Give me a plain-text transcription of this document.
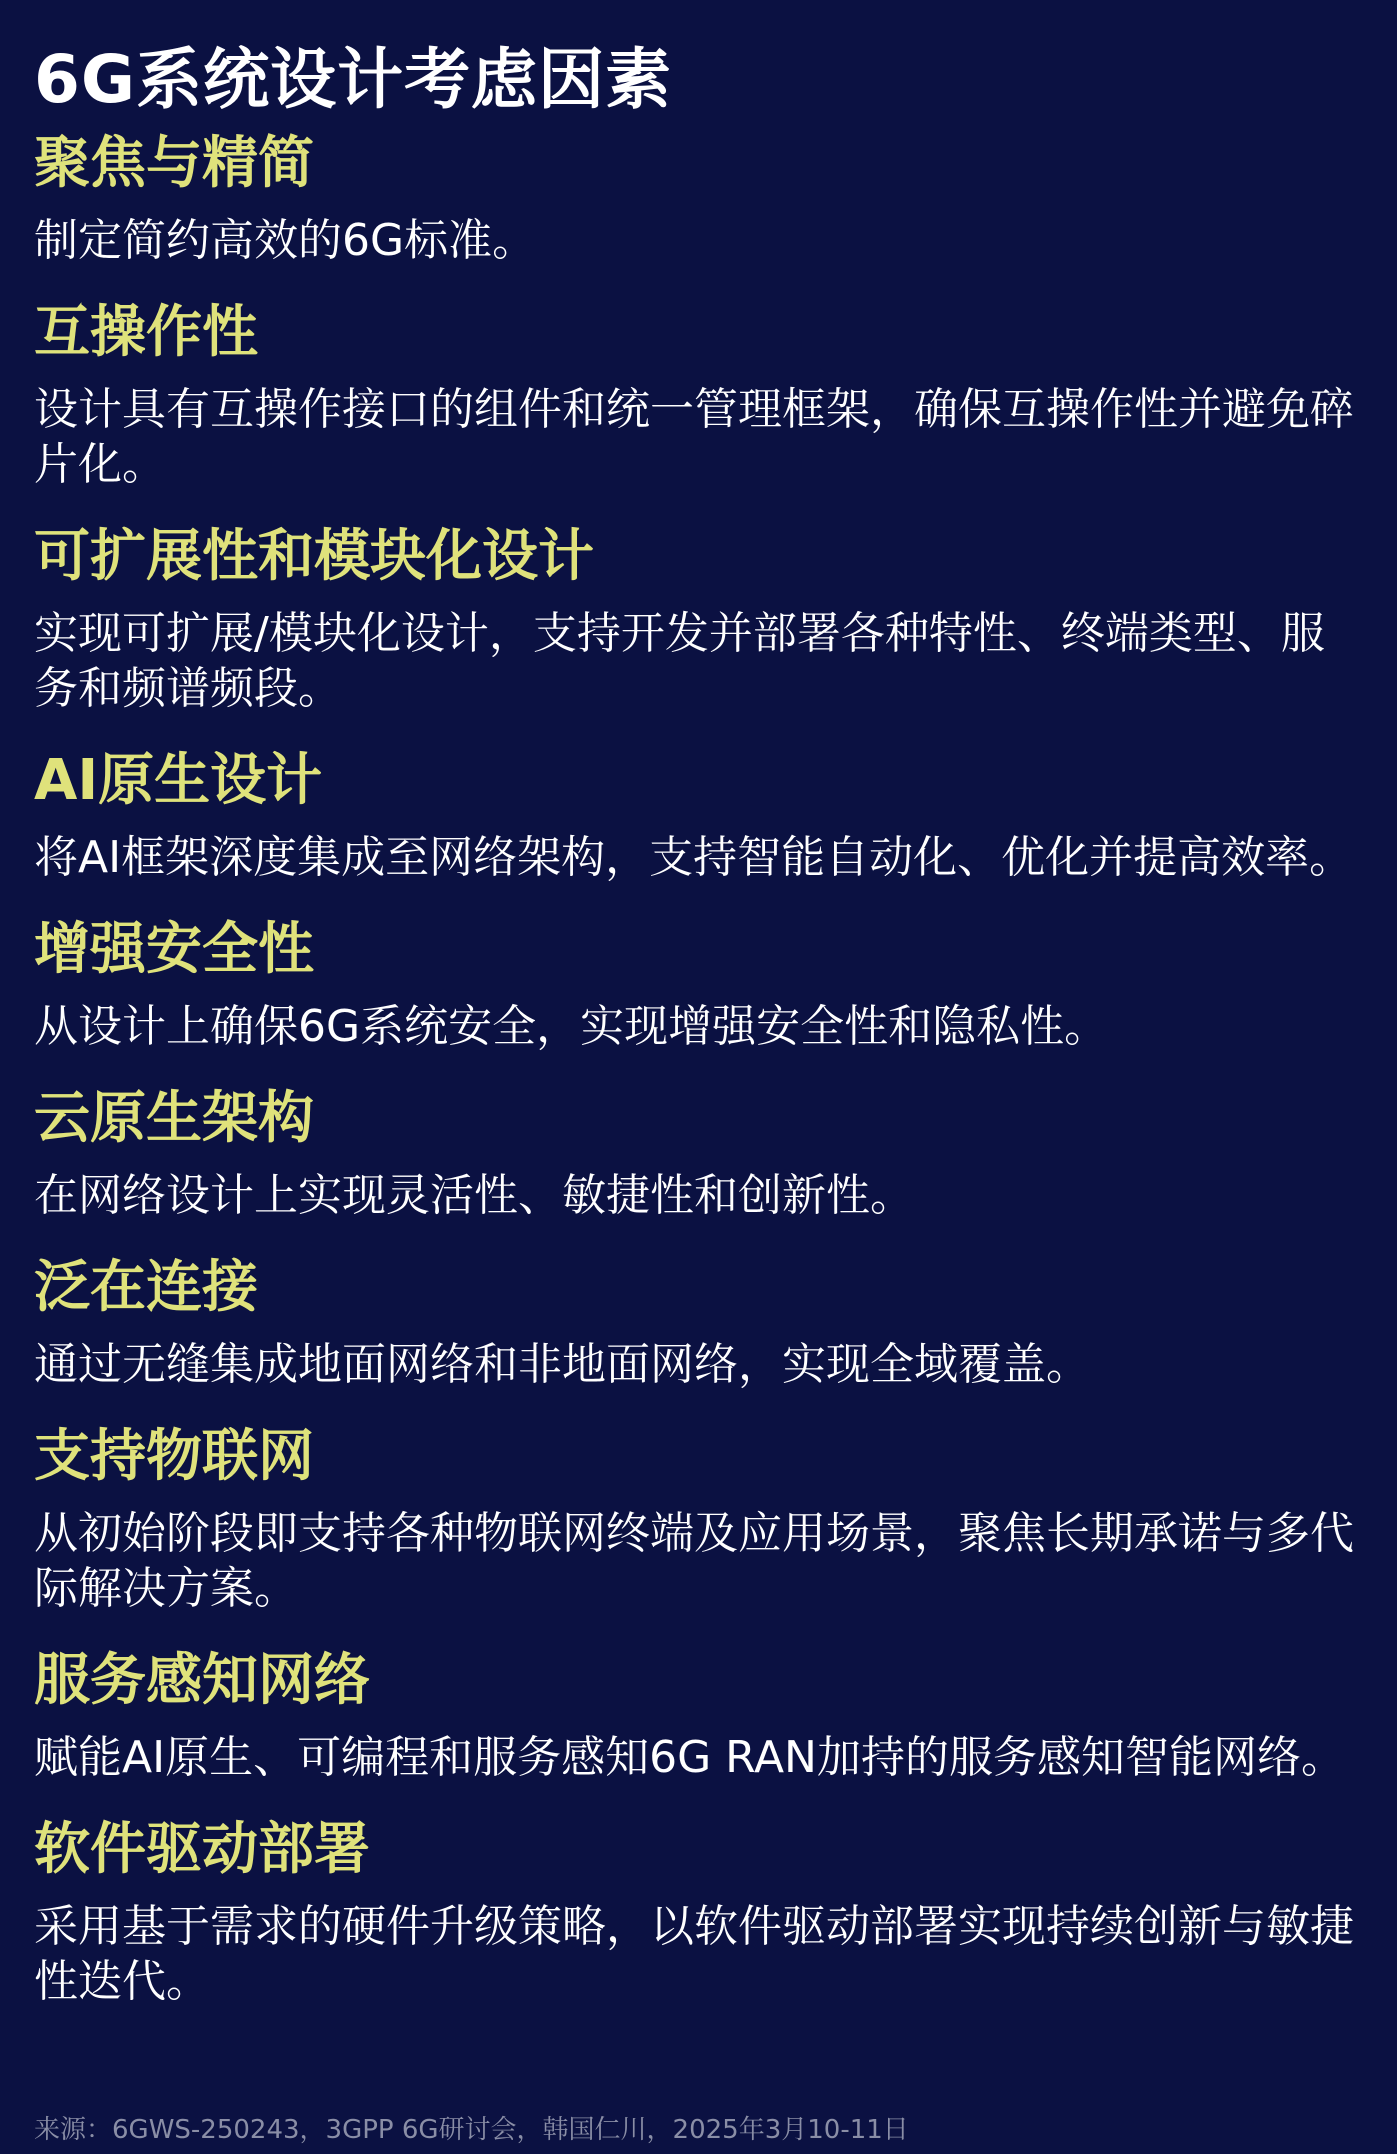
6G系统设计考虑因素
聚焦与精简

制定简约高效的6G标准。

互操作性

设计具有互操作接口的组件和统一管理框架，确保互操作性并避免碎片化。

可扩展性和模块化设计

实现可扩展/模块化设计，支持开发并部署各种特性、终端类型、服务和频谱频段。

AI原生设计

将AI框架深度集成至网络架构，支持智能自动化、优化并提高效率。

增强安全性

从设计上确保6G系统安全，实现增强安全性和隐私性。

云原生架构

在网络设计上实现灵活性、敏捷性和创新性。

泛在连接

通过无缝集成地面网络和非地面网络，实现全域覆盖。

支持物联网

从初始阶段即支持各种物联网终端及应用场景，聚焦长期承诺与多代际解决方案。

服务感知网络

赋能AI原生、可编程和服务感知6G RAN加持的服务感知智能网络。

软件驱动部署

采用基于需求的硬件升级策略，以软件驱动部署实现持续创新与敏捷性迭代。

来源：6GWS-250243，3GPP 6G研讨会，韩国仁川，2025年3月10-11日
